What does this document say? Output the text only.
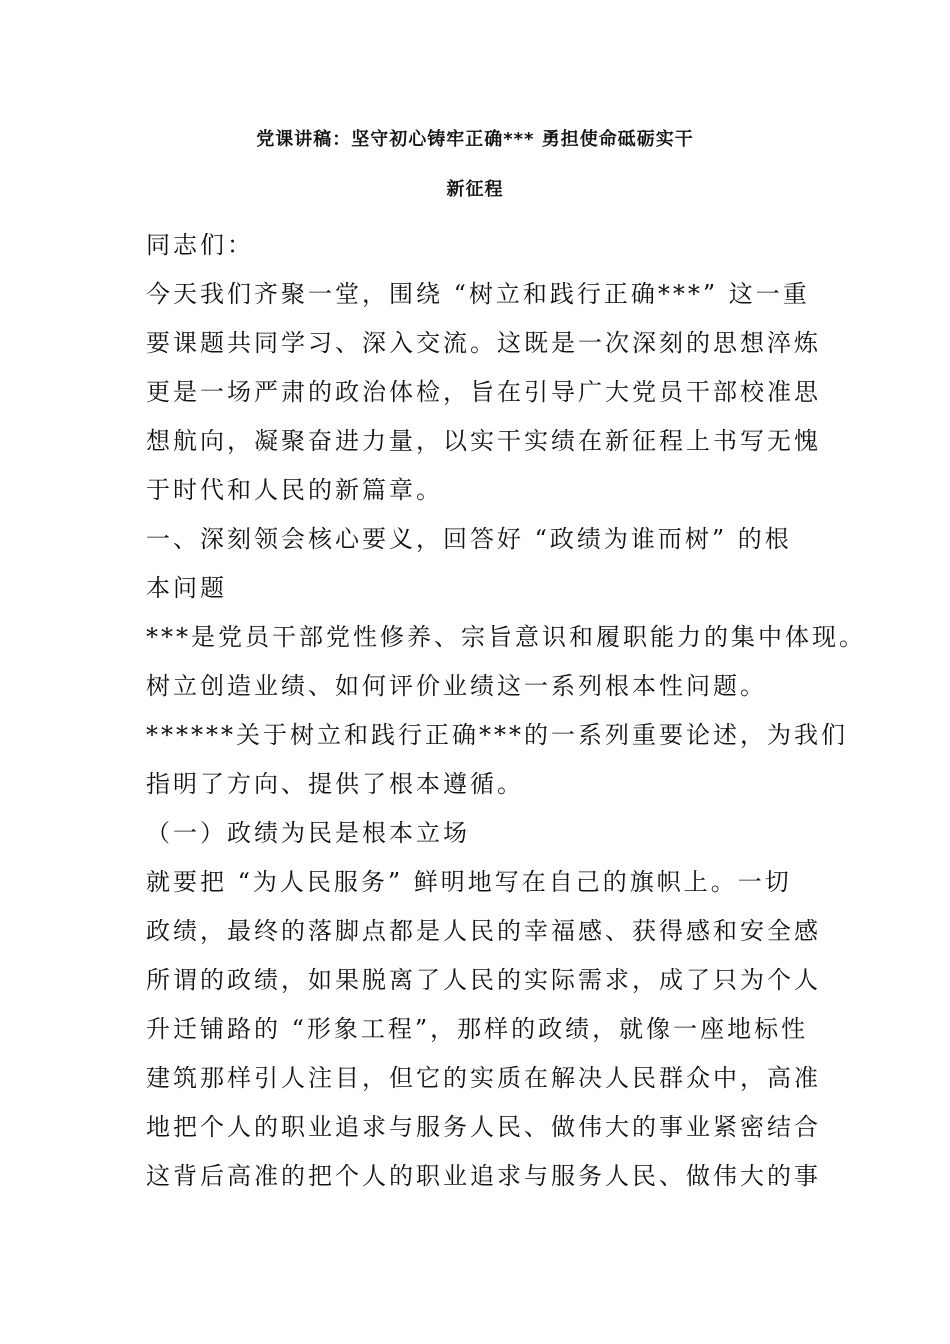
党课讲稿：坚守初心铸牢正确*** 勇担使命砥砺实干
新征程
同志们：
今天我们齐聚一堂，围绕 “树立和践行正确***” 这一重
要课题共同学习、深入交流。这既是一次深刻的思想淬炼
更是一场严肃的政治体检，旨在引导广大党员干部校准思
想航向，凝聚奋进力量，以实干实绩在新征程上书写无愧
于时代和人民的新篇章。
一、深刻领会核心要义，回答好 “政绩为谁而树” 的根
本问题
***是党员干部党性修养、宗旨意识和履职能力的集中体现。
树立创造业绩、如何评价业绩这一系列根本性问题。
******关于树立和践行正确***的一系列重要论述，为我们
指明了方向、提供了根本遵循。
（一）政绩为民是根本立场
就要把 “为人民服务” 鲜明地写在自己的旗帜上。一切
政绩，最终的落脚点都是人民的幸福感、获得感和安全感
所谓的政绩，如果脱离了人民的实际需求，成了只为个人
升迁铺路的 “形象工程”，那样的政绩，就像一座地标性
建筑那样引人注目，但它的实质在解决人民群众中，高准
地把个人的职业追求与服务人民、做伟大的事业紧密结合
这背后高准的把个人的职业追求与服务人民、做伟大的事
